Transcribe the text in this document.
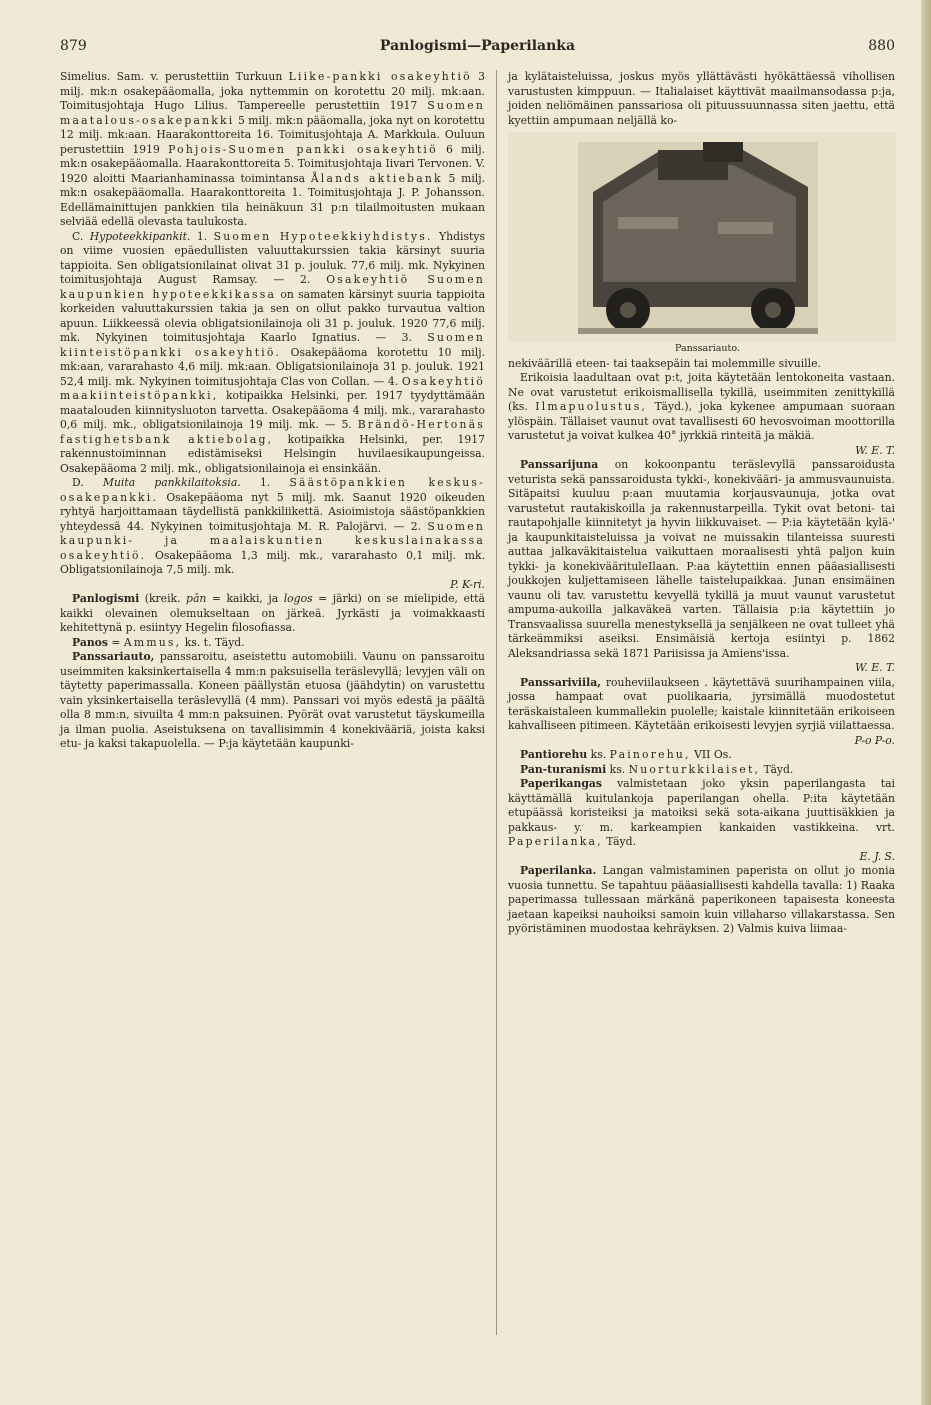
879	Panlogismi—Paperilanka	880

Simelius. Sam. v. perustettiin Turkuun Liike-pankki osakeyhtiö 3 milj. mk:n osakepääomalla, joka nyttemmin on korotettu 20 milj. mk:aan. Toimitusjohtaja Hugo Lilius. Tampereelle perustettiin 1917 Suomen maatalous-osakepankki 5 milj. mk:n pääomalla, joka nyt on korotettu 12 milj. mk:aan. Haarakonttoreita 16. Toimitusjohtaja A. Markkula. Ouluun perustettiin 1919 Pohjois-Suomen pankki osakeyhtiö 6 milj. mk:n osakepääomalla. Haarakonttoreita 5. Toimitusjohtaja Iivari Tervonen. V. 1920 aloitti Maarianhaminassa toimintansa Ålands aktiebank 5 milj. mk:n osakepääomalla. Haarakonttoreita 1. Toimitusjohtaja J. P. Johansson. Edellämainittujen pankkien tila heinäkuun 31 p:n tilailmoitusten mukaan selviää edellä olevasta taulukosta.

C. Hypoteekkipankit. 1. Suomen Hypoteekkiyhdistys. Yhdistys on viime vuosien epäedullisten valuuttakurssien takia kärsinyt suuria tappioita. Sen obligatsionilainat olivat 31 p. jouluk. 77,6 milj. mk. Nykyinen toimitusjohtaja August Ramsay. — 2. Osakeyhtiö Suomen kaupunkien hypoteekkikassa on samaten kärsinyt suuria tappioita korkeiden valuuttakurssien takia ja sen on ollut pakko turvautua valtion apuun. Liikkeessä olevia obligatsionilainoja oli 31 p. jouluk. 1920 77,6 milj. mk. Nykyinen toimitusjohtaja Kaarlo Ignatius. — 3. Suomen kiinteistöpankki osakeyhtiö. Osakepääoma korotettu 10 milj. mk:aan, vararahasto 4,6 milj. mk:aan. Obligatsionilainoja 31 p. jouluk. 1921 52,4 milj. mk. Nykyinen toimitusjohtaja Clas von Collan. — 4. Osakeyhtiö maakiinteistöpankki, kotipaikka Helsinki, per. 1917 tyydyttämään maatalouden kiinnitysluoton tarvetta. Osakepääoma 4 milj. mk., vararahasto 0,6 milj. mk., obligatsionilainoja 19 milj. mk. — 5. Brändö-Hertonäs fastighetsbank aktiebolag, kotipaikka Helsinki, per. 1917 rakennustoiminnan edistämiseksi Helsingin huvilaesikaupungeissa. Osakepääoma 2 milj. mk., obligatsionilainoja ei ensinkään.

D. Muita pankkilaitoksia. 1. Säästöpankkien keskus-osakepankki. Osakepääoma nyt 5 milj. mk. Saanut 1920 oikeuden ryhtyä harjoittamaan täydellistä pankkiliikettä. Asioimistoja säästöpankkien yhteydessä 44. Nykyinen toimitusjohtaja M. R. Palojärvi. — 2. Suomen kaupunki- ja maalaiskuntien keskuslainakassa osakeyhtiö. Osakepääoma 1,3 milj. mk., vararahasto 0,1 milj. mk. Obligatsionilainoja 7,5 milj. mk.

P. K-ri.

Panlogismi (kreik. pān = kaikki, ja logos = järki) on se mielipide, että kaikki olevainen olemukseltaan on järkeä. Jyrkästi ja voimakkaasti kehitettynä p. esiintyy Hegelin filosofiassa.

Panos = Ammus, ks. t. Täyd.

Panssariauto, panssaroitu, aseistettu automobiili. Vaunu on panssaroitu useimmiten kaksinkertaisella 4 mm:n paksuisella teräslevyllä; levyjen väli on täytetty paperimassalla. Koneen päällystän etuosa (jäähdytin) on varustettu vain yksinkertaisella teräslevyllä (4 mm). Panssari voi myös edestä ja päältä olla 8 mm:n, sivuilta 4 mm:n paksuinen. Pyörät ovat varustetut täyskumeilla ja ilman puolia. Aseistuksena on tavallisimmin 4 konekivääriä, joista kaksi etu- ja kaksi takapuolella. — P:ja käytetään kaupunki-

ja kylätaisteluissa, joskus myös yllättävästi hyökättäessä vihollisen varustusten kimppuun. — Italialaiset käyttivät maailmansodassa p:ja, joiden neliömäinen panssariosa oli pituussuunnassa siten jaettu, että kyettiin ampumaan neljällä ko-

Panssariauto.

nekiväärillä eteen- tai taaksepäin tai molemmille sivuille.

Erikoisia laadultaan ovat p:t, joita käytetään lentokoneita vastaan. Ne ovat varustetut erikoismallisella tykillä, useimmiten zenittykillä (ks. Ilmapuolustus, Täyd.), joka kykenee ampumaan suoraan ylöspäin. Tällaiset vaunut ovat tavallisesti 60 hevosvoiman moottorilla varustetut ja voivat kulkea 40° jyrkkiä rinteitä ja mäkiä.

W. E. T.

Panssarijuna on kokoonpantu teräslevyllä panssaroidusta veturista sekä panssaroidusta tykki-, konekivääri- ja ammusvaunuista. Sitäpaitsi kuuluu p:aan muutamia korjausvaunuja, jotka ovat varustetut rautakiskoilla ja rakennustarpeilla. Tykit ovat betoni- tai rautapohjalle kiinnitetyt ja hyvin liikkuvaiset. — P:ia käytetään kylä-' ja kaupunkitaisteluissa ja voivat ne muissakin tilanteissa suuresti auttaa jalkaväkitaistelua vaikuttaen moraalisesti yhtä paljon kuin tykki- ja konekiväärituleIlaan. P:aa käytettiin ennen pääasiallisesti joukkojen kuljettamiseen lähelle taistelupaikkaa. Junan ensimäinen vaunu oli tav. varustettu kevyellä tykillä ja muut vaunut varustetut ampuma-aukoilla jalkaväkeä varten. Tällaisia p:ia käytettiin jo Transvaalissa suurella menestyksellä ja senjälkeen ne ovat tulleet yhä tärkeämmiksi aseiksi. Ensimäisiä kertoja esiintyi p. 1862 Aleksandriassa sekä 1871 Pariisissa ja Amiens'issa.

W. E. T.

Panssariviila, rouheviilaukseen . käytettävä suurihampainen viila, jossa hampaat ovat puolikaaria, jyrsimällä muodostetut teräskaistaleen kummallekin puolelle; kaistale kiinnitetään erikoiseen kahvalliseen pitimeen. Käytetään erikoisesti levyjen syrjiä viilattaessa.

P-o P-o.

Pantiorehu ks. Painorehu, VII Os.

Pan-turanismi ks. Nuorturkkilaiset, Täyd.

Paperikangas valmistetaan joko yksin paperilangasta tai käyttämällä kuitulankoja paperilangan ohella. P:ita käytetään etupäässä koristeiksi ja matoiksi sekä sota-aikana juuttisäkkien ja pakkaus- y. m. karkeampien kankaiden vastikkeina. vrt. Paperilanka, Täyd.

E. J. S.

Paperilanka. Langan valmistaminen paperista on ollut jo monia vuosia tunnettu. Se tapahtuu pääasiallisesti kahdella tavalla: 1) Raaka paperimassa tullessaan märkänä paperikoneen tapaisesta koneesta jaetaan kapeiksi nauhoiksi samoin kuin villaharso villakarstassa. Sen pyöristäminen muodostaa kehräyksen. 2) Valmis kuiva liimaa-
